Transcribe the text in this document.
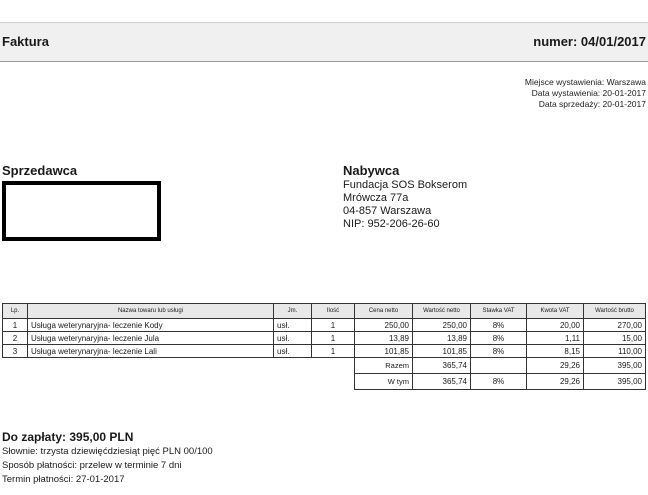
Faktura	numer: 04/01/2017
Miejsce wystawienia: Warszawa
Data wystawienia: 20-01-2017
Data sprzedaży: 20-01-2017
Sprzedawca	Nabywca
Fundacja SOS Bokserom
Mrówcza 77a
04-857 Warszawa
NIP: 952-206-26-60
Lp.	Nazwa towaru lub usługi	Jm.	Ilość	Cena netto	Wartość netto	Stawka VAT	Kwota VAT	Wartość brutto
1	Usługa weterynaryjna- leczenie Kody	usł.	1	250,00	250,00	8%	20,00	270,00
2	Usługa weterynaryjna- leczenie Jula	usł.	1	13,89	13,89	8%	1,11	15,00
3	Usługa weterynaryjna- leczenie Lali	usł.	1	101,85	101,85	8%	8,15	110,00
				Razem	365,74		29,26	395,00
				W tym	365,74	8%	29,26	395,00
Do zapłaty: 395,00 PLN
Słownie: trzysta dziewięćdziesiąt pięć PLN 00/100
Sposób płatności: przelew w terminie 7 dni
Termin płatności: 27-01-2017
